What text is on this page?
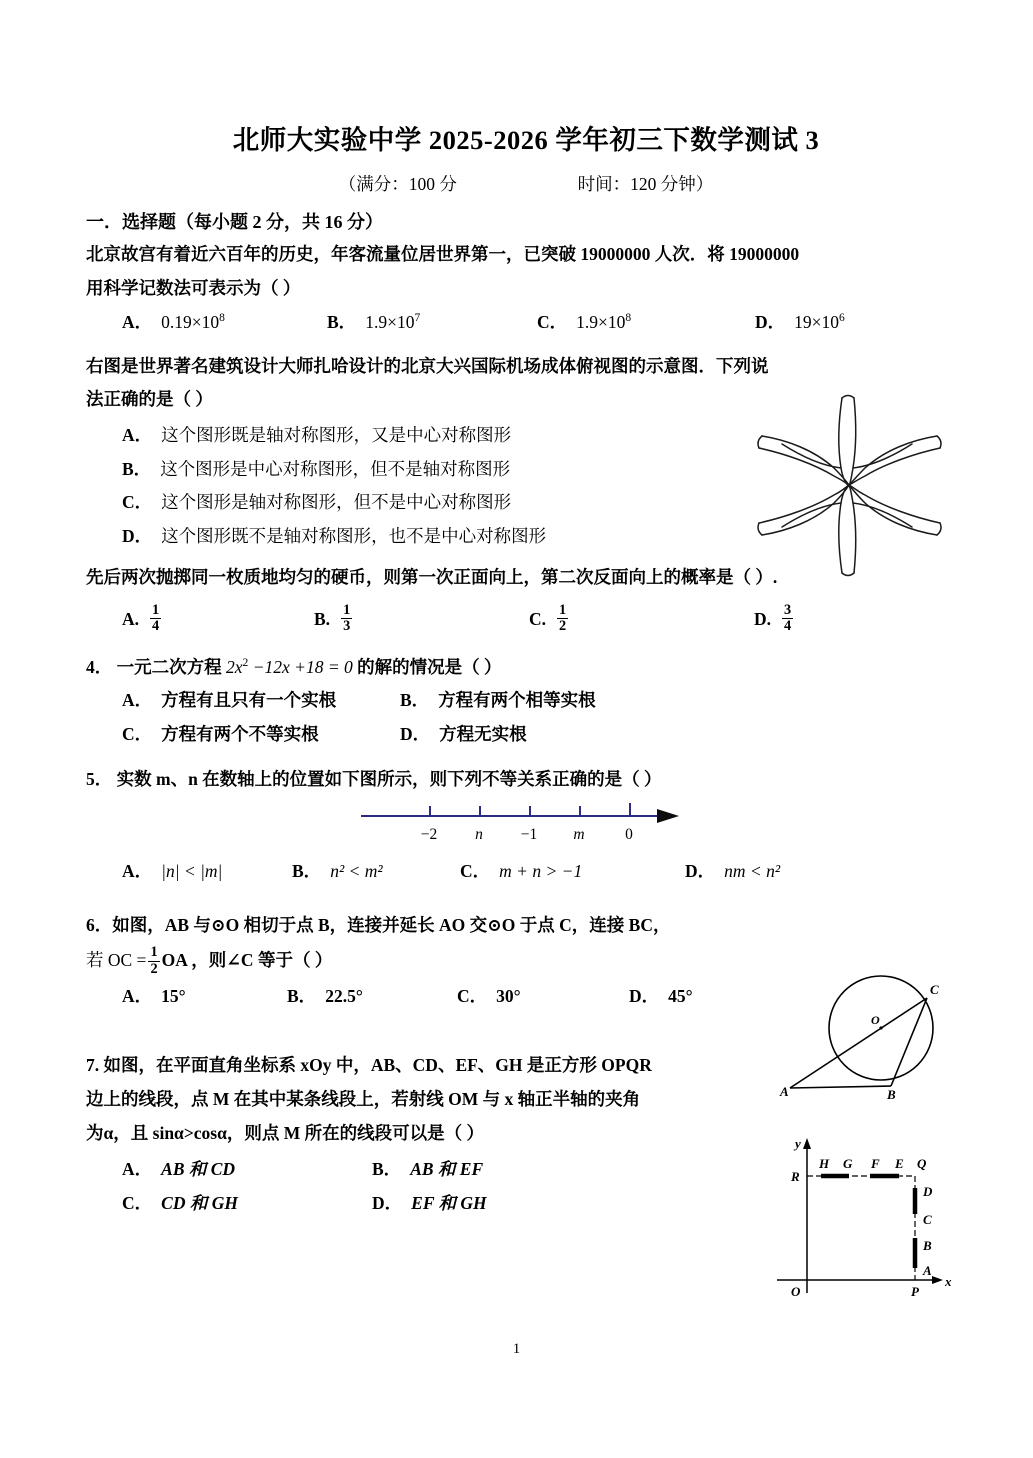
北师大实验中学 2025-2026 学年初三下数学测试 3
（满分：100 分	时间：120 分钟）
一．选择题（每小题 2 分，共 16 分）
北京故宫有着近六百年的历史，年客流量位居世界第一，已突破 19000000 人次．将 19000000
用科学记数法可表示为（ ）
A． $0.19\times 10^8$	B． $1.9\times 10^7$	C． $1.9\times 10^8$	D． $19\times 10^6$
右图是世界著名建筑设计大师扎哈设计的北京大兴国际机场成体俯视图的示意图．下列说
法正确的是（ ）
A． 这个图形既是轴对称图形，又是中心对称图形
B． 这个图形是中心对称图形，但不是轴对称图形
C． 这个图形是轴对称图形，但不是中心对称图形
D． 这个图形既不是轴对称图形，也不是中心对称图形
先后两次抛掷同一枚质地均匀的硬币，则第一次正面向上，第二次反面向上的概率是（ ）.
A. $\frac{1}{4}$	B. $\frac{1}{3}$	C. $\frac{1}{2}$	D. $\frac{3}{4}$
4． 一元二次方程 $2x^2 -12x +18 = 0$ 的解的情况是（ ）
A． 方程有且只有一个实根	B． 方程有两个相等实根
C． 方程有两个不等实根	D． 方程无实根
5． 实数 m、n 在数轴上的位置如下图所示，则下列不等关系正确的是（ ）
−2 n −1 m	0
A． |n| < |m|	B． n² < m²	C． m + n > −1	D． nm < n²
6．如图，AB 与⊙O 相切于点 B，连接并延长 AO 交⊙O 于点 C，连接 BC，
若 OC = $\frac{1}{2}$ OA ，则∠C 等于（ ）
A． 15°	B． 22.5°	C． 30°	D． 45°
7. 如图，在平面直角坐标系 xOy 中，AB、CD、EF、GH 是正方形 OPQR
边上的线段，点 M 在其中某条线段上，若射线 OM 与 x 轴正半轴的夹角
为α，且 sinα>cosα，则点 M 所在的线段可以是（ ）
A． AB 和 CD	B． AB 和 EF
C． CD 和 GH	D． EF 和 GH
O
A	B
C
y
x
O	P
Q
R
H G F E
D
C
B
A
1
